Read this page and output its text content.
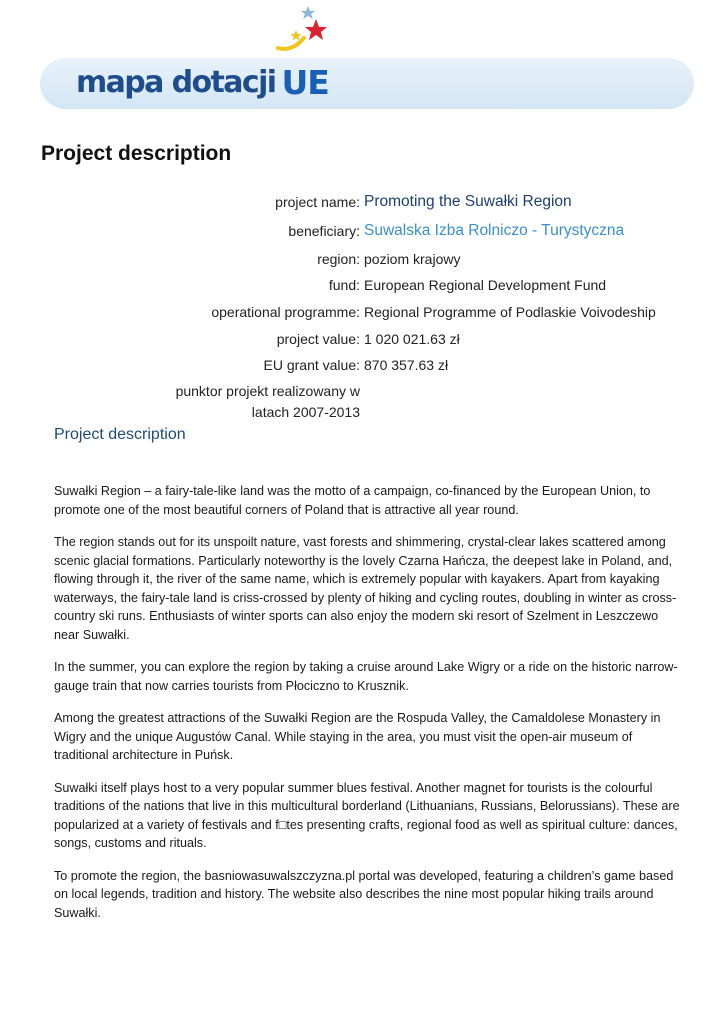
mapa dotacji UE
Project description
project name: Promoting the Suwałki Region
beneficiary: Suwalska Izba Rolniczo - Turystyczna
region: poziom krajowy
fund: European Regional Development Fund
operational programme: Regional Programme of Podlaskie Voivodeship
project value: 1 020 021.63 zł
EU grant value: 870 357.63 zł
punktor projekt realizowany w latach 2007-2013
Project description

Suwałki Region – a fairy-tale-like land was the motto of a campaign, co-financed by the European Union, to promote one of the most beautiful corners of Poland that is attractive all year round.

The region stands out for its unspoilt nature, vast forests and shimmering, crystal-clear lakes scattered among scenic glacial formations. Particularly noteworthy is the lovely Czarna Hańcza, the deepest lake in Poland, and, flowing through it, the river of the same name, which is extremely popular with kayakers. Apart from kayaking waterways, the fairy-tale land is criss-crossed by plenty of hiking and cycling routes, doubling in winter as cross-country ski runs. Enthusiasts of winter sports can also enjoy the modern ski resort of Szelment in Leszczewo near Suwałki.

In the summer, you can explore the region by taking a cruise around Lake Wigry or a ride on the historic narrow-gauge train that now carries tourists from Płociczno to Krusznik.

Among the greatest attractions of the Suwałki Region are the Rospuda Valley, the Camaldolese Monastery in Wigry and the unique Augustów Canal. While staying in the area, you must visit the open-air museum of traditional architecture in Puńsk.

Suwałki itself plays host to a very popular summer blues festival. Another magnet for tourists is the colourful traditions of the nations that live in this multicultural borderland (Lithuanians, Russians, Belorussians). These are popularized at a variety of festivals and f□tes presenting crafts, regional food as well as spiritual culture: dances, songs, customs and rituals.

To promote the region, the basniowasuwalszczyzna.pl portal was developed, featuring a children’s game based on local legends, tradition and history. The website also describes the nine most popular hiking trails around Suwałki.
